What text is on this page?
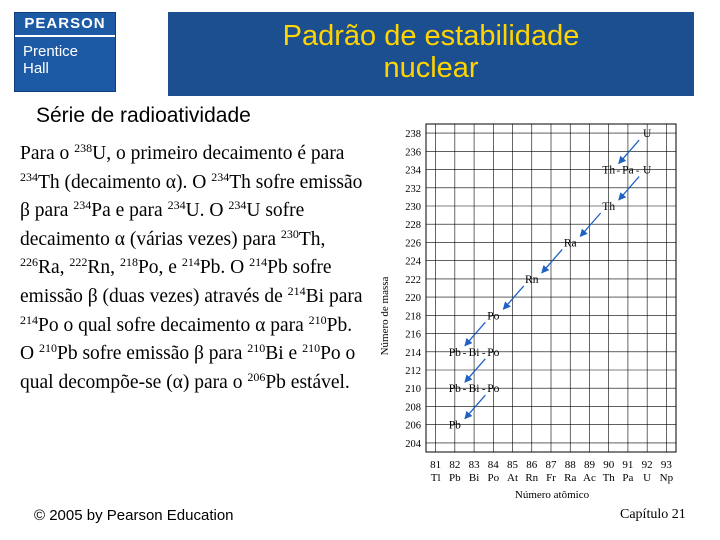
PEARSON
Prentice
Hall
Padrão de estabilidade
nuclear
Série de radioatividade
Para o $^{238}$U, o primeiro decaimento é para $^{234}$Th (decaimento α). O $^{234}$Th sofre emissão β para $^{234}$Pa e para $^{234}$U. O $^{234}$U sofre decaimento α (várias vezes) para $^{230}$Th, $^{226}$Ra, $^{222}$Rn, $^{218}$Po, e $^{214}$Pb. O $^{214}$Pb sofre emissão β (duas vezes) através de $^{214}$Bi para $^{214}$Po o qual sofre decaimento α para $^{210}$Pb. O $^{210}$Pb sofre emissão β para $^{210}$Bi e $^{210}$Po o qual decompõe-se (α) para o $^{206}$Pb estável.
- -
- -
- -
U
Th Pa U
Th
Ra
Rn
Po
Pb Bi Po
Pb Bi Po
Pb
81
Tl
82
Pb
83
Bi
84
Po
85
At
86
Rn
87
Fr
88
Ra
89
Ac
90
Th
91
Pa
92
U
93
Np
238
236
234
232
230
228
226
224
222
220
218
216
214
212
210
208
206
204
Número atômico
Número de massa
© 2005 by Pearson Education	Capítulo 21
